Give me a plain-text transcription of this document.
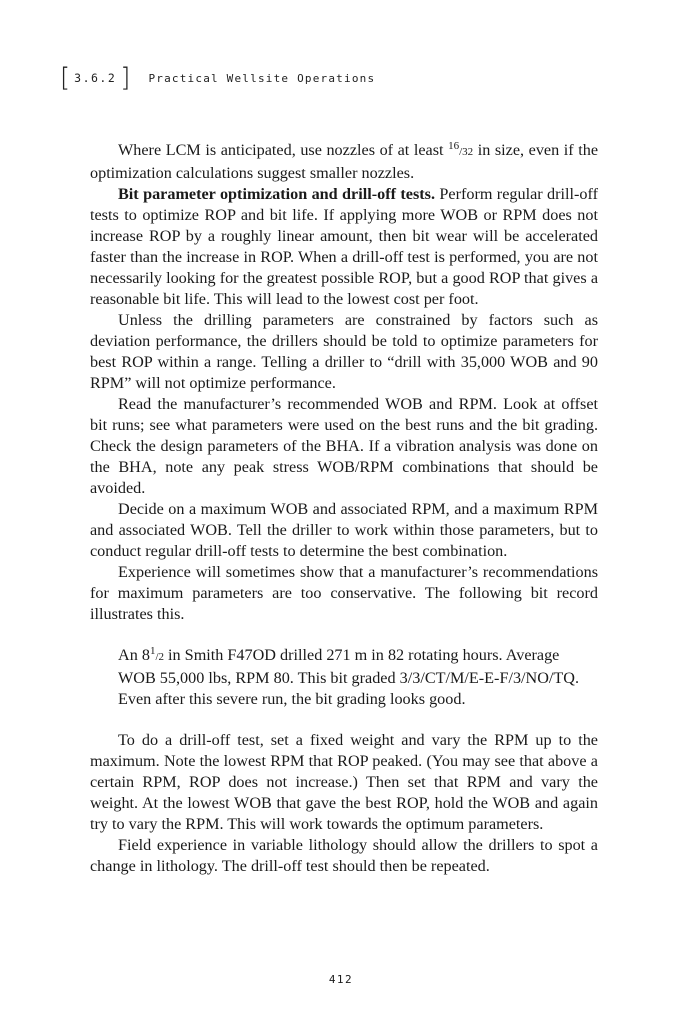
[ 3.6.2 ] Practical Wellsite Operations

Where LCM is anticipated, use nozzles of at least $^{16}$/32 in size, even if the optimization calculations suggest smaller nozzles.

Bit parameter optimization and drill-off tests. Perform regular drill-off tests to optimize ROP and bit life. If applying more WOB or RPM does not increase ROP by a roughly linear amount, then bit wear will be accelerated faster than the increase in ROP. When a drill-off test is performed, you are not necessarily looking for the greatest possible ROP, but a good ROP that gives a reasonable bit life. This will lead to the lowest cost per foot.

Unless the drilling parameters are constrained by factors such as deviation performance, the drillers should be told to optimize parameters for best ROP within a range. Telling a driller to “drill with 35,000 WOB and 90 RPM” will not optimize performance.

Read the manufacturer’s recommended WOB and RPM. Look at offset bit runs; see what parameters were used on the best runs and the bit grading. Check the design parameters of the BHA. If a vibration analysis was done on the BHA, note any peak stress WOB/RPM combinations that should be avoided.

Decide on a maximum WOB and associated RPM, and a maximum RPM and associated WOB. Tell the driller to work within those parameters, but to conduct regular drill-off tests to determine the best combination.

Experience will sometimes show that a manufacturer’s recommendations for maximum parameters are too conservative. The following bit record illustrates this.

An $8^1/2$ in Smith F47OD drilled 271 m in 82 rotating hours. Average WOB 55,000 lbs, RPM 80. This bit graded 3/3/CT/M/E-E-F/3/NO/TQ. Even after this severe run, the bit grading looks good.

To do a drill-off test, set a fixed weight and vary the RPM up to the maximum. Note the lowest RPM that ROP peaked. (You may see that above a certain RPM, ROP does not increase.) Then set that RPM and vary the weight. At the lowest WOB that gave the best ROP, hold the WOB and again try to vary the RPM. This will work towards the optimum parameters.

Field experience in variable lithology should allow the drillers to spot a change in lithology. The drill-off test should then be repeated.

412
